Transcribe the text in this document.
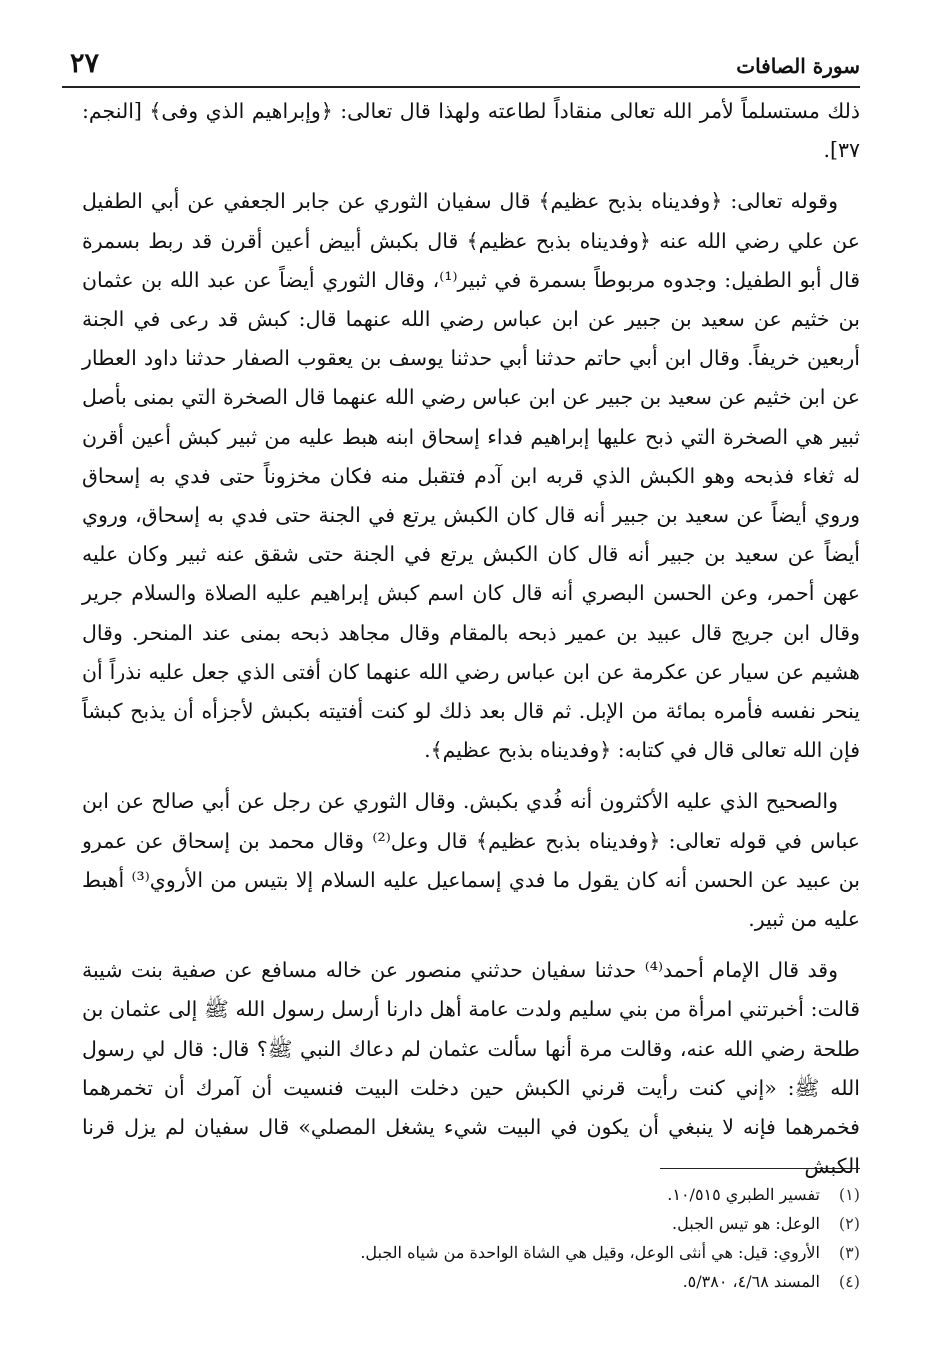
٢٧	سورة الصافات

ذلك مستسلماً لأمر الله تعالى منقاداً لطاعته ولهذا قال تعالى: ﴿وإبراهيم الذي وفى﴾ [النجم: ٣٧].

وقوله تعالى: ﴿وفديناه بذبح عظيم﴾ قال سفيان الثوري عن جابر الجعفي عن أبي الطفيل عن علي رضي الله عنه ﴿وفديناه بذبح عظيم﴾ قال بكبش أبيض أعين أقرن قد ربط بسمرة قال أبو الطفيل: وجدوه مربوطاً بسمرة في ثبير⁽¹⁾، وقال الثوري أيضاً عن عبد الله بن عثمان بن خثيم عن سعيد بن جبير عن ابن عباس رضي الله عنهما قال: كبش قد رعى في الجنة أربعين خريفاً. وقال ابن أبي حاتم حدثنا أبي حدثنا يوسف بن يعقوب الصفار حدثنا داود العطار عن ابن خثيم عن سعيد بن جبير عن ابن عباس رضي الله عنهما قال الصخرة التي بمنى بأصل ثبير هي الصخرة التي ذبح عليها إبراهيم فداء إسحاق ابنه هبط عليه من ثبير كبش أعين أقرن له ثغاء فذبحه وهو الكبش الذي قربه ابن آدم فتقبل منه فكان مخزوناً حتى فدي به إسحاق وروي أيضاً عن سعيد بن جبير أنه قال كان الكبش يرتع في الجنة حتى فدي به إسحاق، وروي أيضاً عن سعيد بن جبير أنه قال كان الكبش يرتع في الجنة حتى شقق عنه ثبير وكان عليه عهن أحمر، وعن الحسن البصري أنه قال كان اسم كبش إبراهيم عليه الصلاة والسلام جرير وقال ابن جريج قال عبيد بن عمير ذبحه بالمقام وقال مجاهد ذبحه بمنى عند المنحر. وقال هشيم عن سيار عن عكرمة عن ابن عباس رضي الله عنهما كان أفتى الذي جعل عليه نذراً أن ينحر نفسه فأمره بمائة من الإبل. ثم قال بعد ذلك لو كنت أفتيته بكبش لأجزأه أن يذبح كبشاً فإن الله تعالى قال في كتابه: ﴿وفديناه بذبح عظيم﴾.

والصحيح الذي عليه الأكثرون أنه فُدي بكبش. وقال الثوري عن رجل عن أبي صالح عن ابن عباس في قوله تعالى: ﴿وفديناه بذبح عظيم﴾ قال وعل⁽²⁾ وقال محمد بن إسحاق عن عمرو بن عبيد عن الحسن أنه كان يقول ما فدي إسماعيل عليه السلام إلا بتيس من الأروي⁽³⁾ أهبط عليه من ثبير.

وقد قال الإمام أحمد⁽⁴⁾ حدثنا سفيان حدثني منصور عن خاله مسافع عن صفية بنت شيبة قالت: أخبرتني امرأة من بني سليم ولدت عامة أهل دارنا أرسل رسول الله ﷺ إلى عثمان بن طلحة رضي الله عنه، وقالت مرة أنها سألت عثمان لم دعاك النبي ﷺ؟ قال: قال لي رسول الله ﷺ: «إني كنت رأيت قرني الكبش حين دخلت البيت فنسيت أن آمرك أن تخمرهما فخمرهما فإنه لا ينبغي أن يكون في البيت شيء يشغل المصلي» قال سفيان لم يزل قرنا الكبش

(١)
تفسير الطبري ١٠/٥١٥.
(٢)
الوعل: هو تيس الجبل.
(٣)
الأروي: قيل: هي أنثى الوعل، وقيل هي الشاة الواحدة من شياه الجبل.
(٤)
المسند ٤/٦٨، ٥/٣٨٠.
